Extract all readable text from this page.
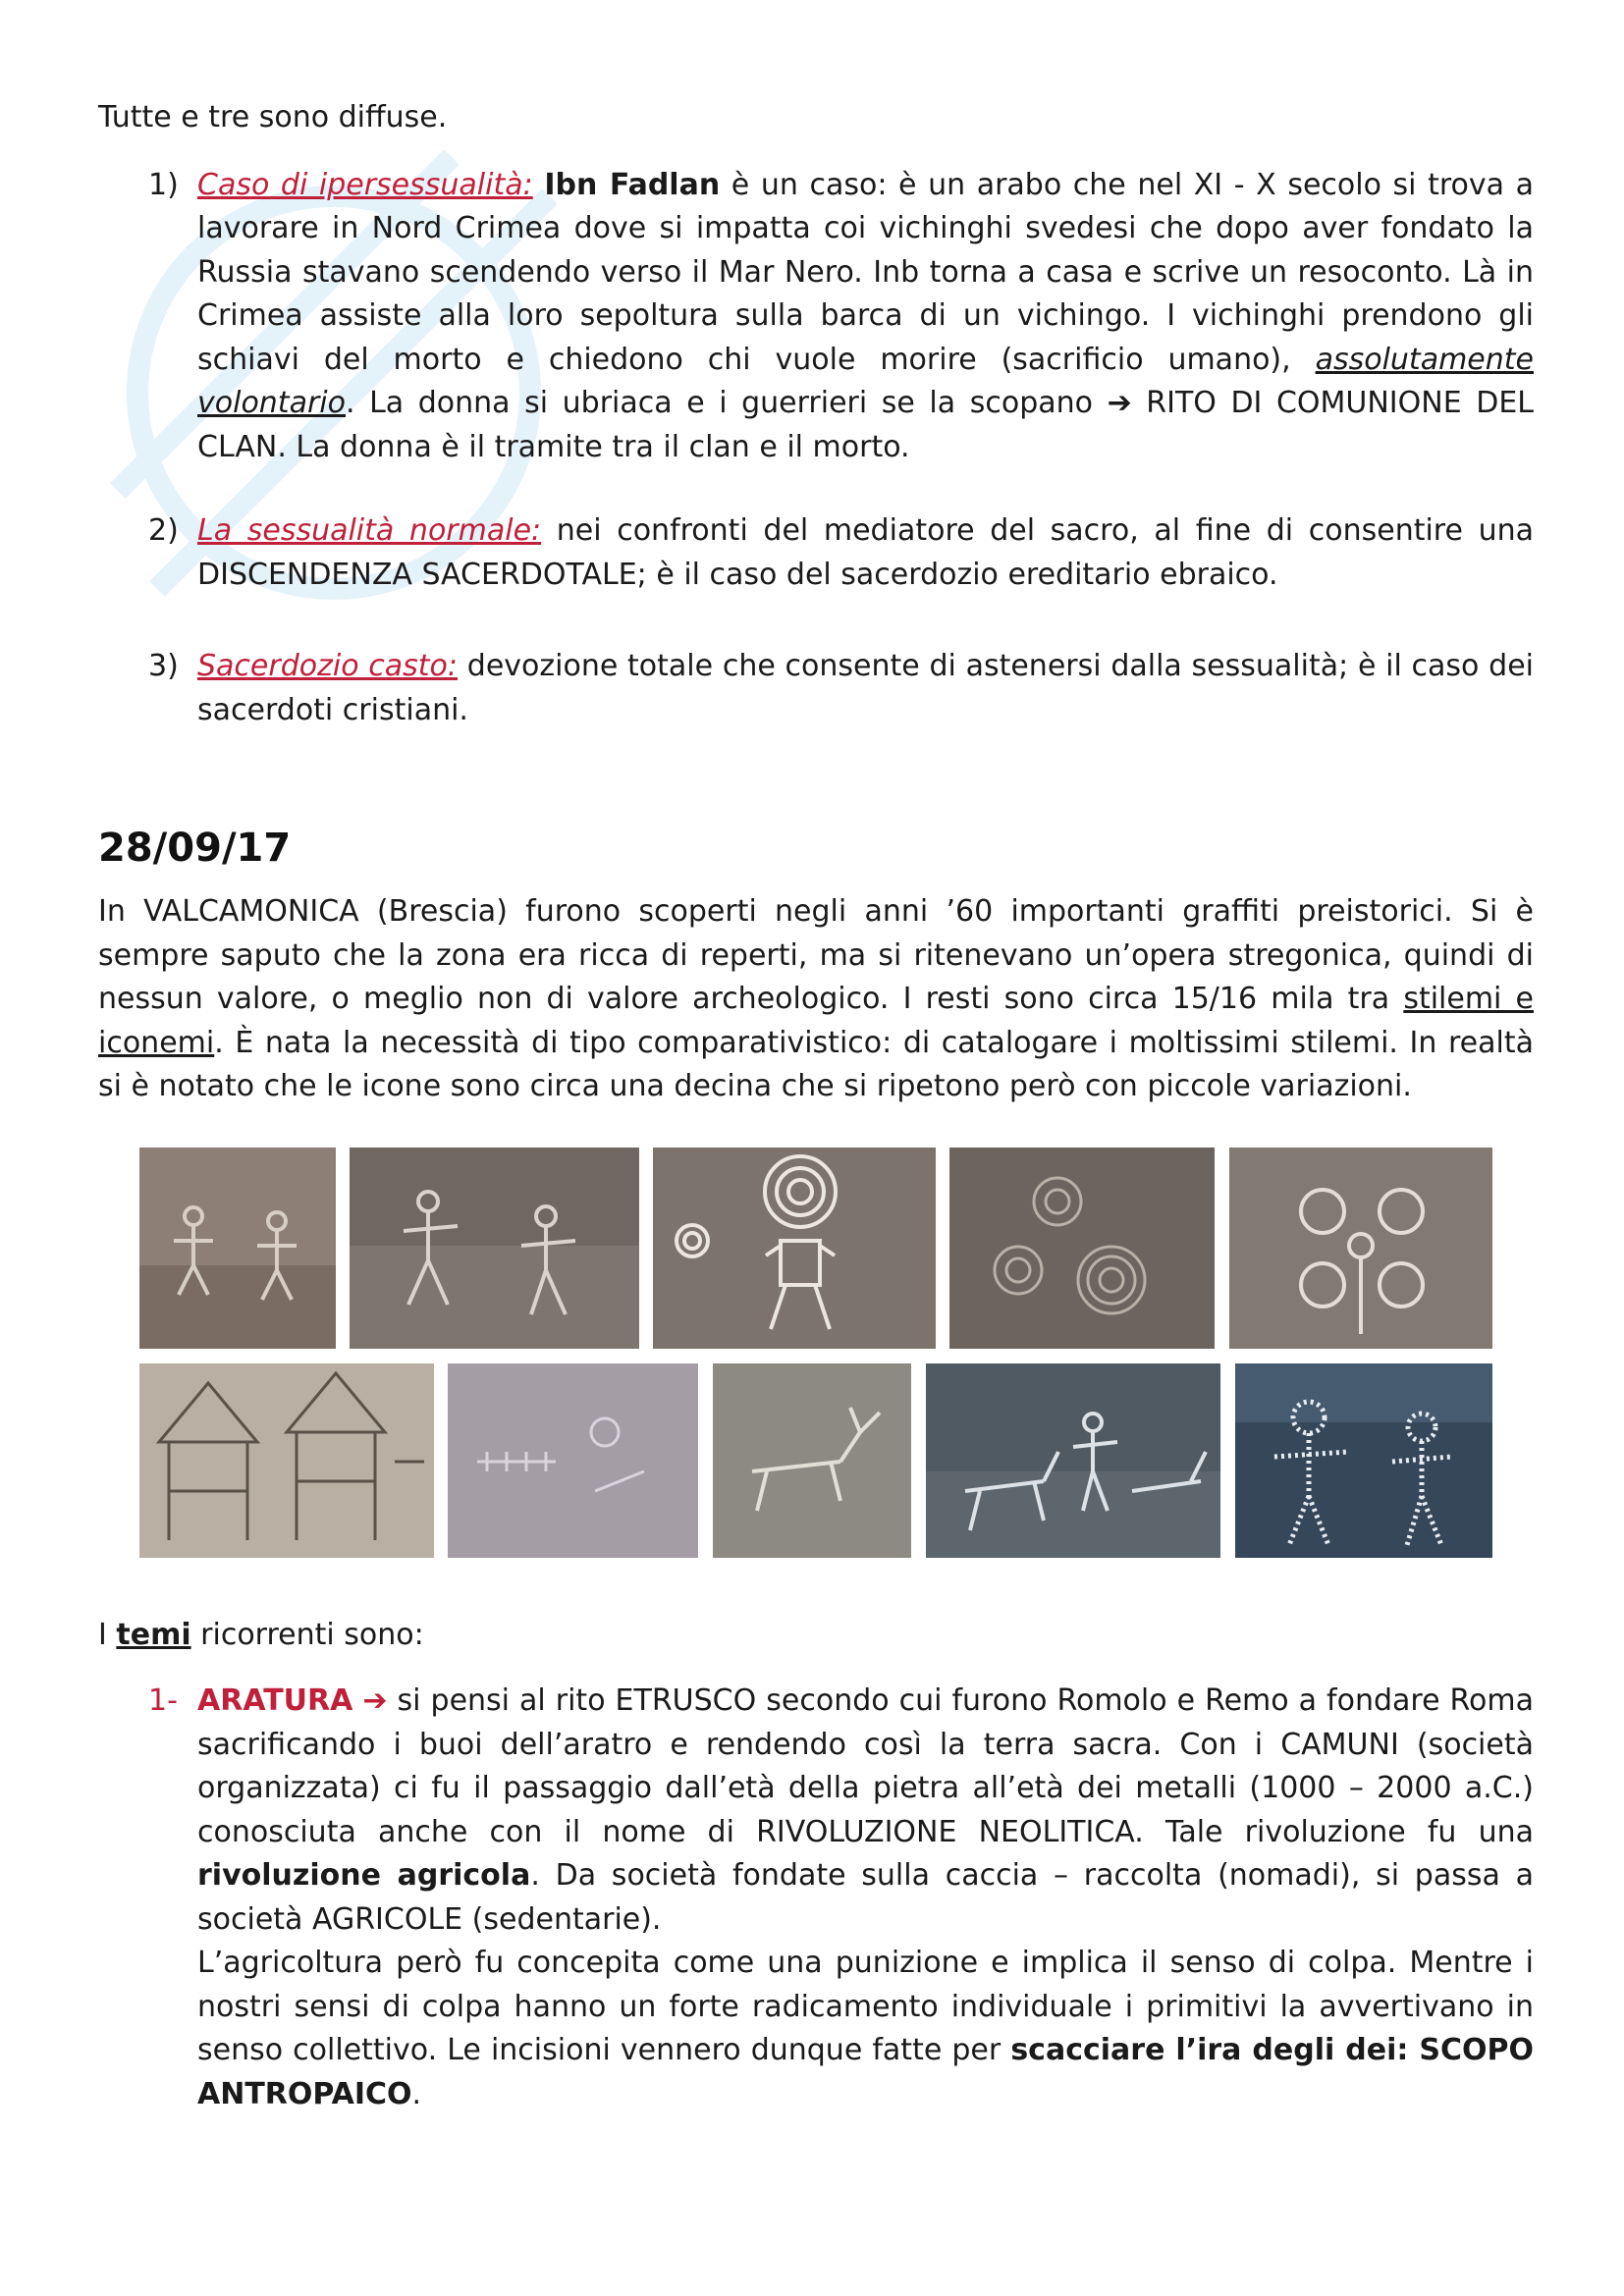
Tutte e tre sono diffuse.

1) Caso di ipersessualità: Ibn Fadlan è un caso: è un arabo che nel XI - X secolo si trova a lavorare in Nord Crimea dove si impatta coi vichinghi svedesi che dopo aver fondato la Russia stavano scendendo verso il Mar Nero. Inb torna a casa e scrive un resoconto. Là in Crimea assiste alla loro sepoltura sulla barca di un vichingo. I vichinghi prendono gli schiavi del morto e chiedono chi vuole morire (sacrificio umano), assolutamente volontario. La donna si ubriaca e i guerrieri se la scopano ➔ RITO DI COMUNIONE DEL CLAN. La donna è il tramite tra il clan e il morto.
2) La sessualità normale: nei confronti del mediatore del sacro, al fine di consentire una DISCENDENZA SACERDOTALE; è il caso del sacerdozio ereditario ebraico.
3) Sacerdozio casto: devozione totale che consente di astenersi dalla sessualità; è il caso dei sacerdoti cristiani.
28/09/17

In VALCAMONICA (Brescia) furono scoperti negli anni ’60 importanti graffiti preistorici. Si è sempre saputo che la zona era ricca di reperti, ma si ritenevano un’opera stregonica, quindi di nessun valore, o meglio non di valore archeologico. I resti sono circa 15/16 mila tra stilemi e iconemi. È nata la necessità di tipo comparativistico: di catalogare i moltissimi stilemi. In realtà si è notato che le icone sono circa una decina che si ripetono però con piccole variazioni.

I temi ricorrenti sono:

1- ARATURA ➔ si pensi al rito ETRUSCO secondo cui furono Romolo e Remo a fondare Roma sacrificando i buoi dell’aratro e rendendo così la terra sacra. Con i CAMUNI (società organizzata) ci fu il passaggio dall’età della pietra all’età dei metalli (1000 – 2000 a.C.) conosciuta anche con il nome di RIVOLUZIONE NEOLITICA. Tale rivoluzione fu una rivoluzione agricola. Da società fondate sulla caccia – raccolta (nomadi), si passa a società AGRICOLE (sedentarie).

L’agricoltura però fu concepita come una punizione e implica il senso di colpa. Mentre i nostri sensi di colpa hanno un forte radicamento individuale i primitivi la avvertivano in senso collettivo. Le incisioni vennero dunque fatte per scacciare l’ira degli dei: SCOPO ANTROPAICO.
